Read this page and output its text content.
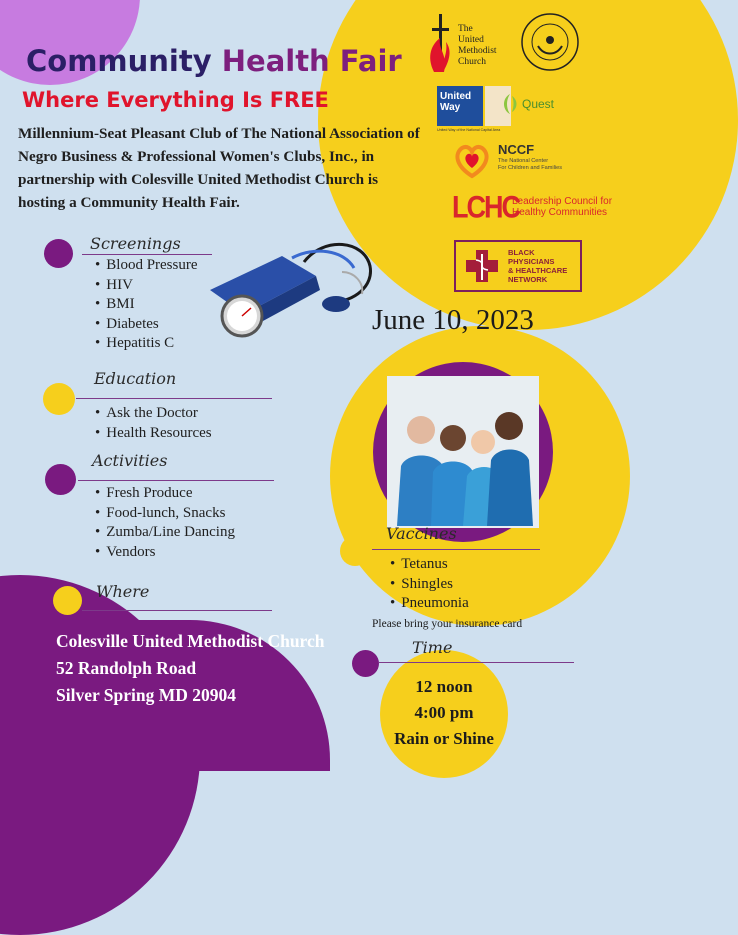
Community Health Fair
Where Everything Is FREE
Millennium-Seat Pleasant Club of The National Association of Negro Business & Professional Women's Clubs, Inc., in partnership with Colesville United Methodist Church is hosting a Community Health Fair.
The
United
Methodist
Church
United
Way
United Way of the National Capital Area
Quest
NCCF
The National Center
For Children and Families
LCHC
Leadership Council for
Healthy Communities
BLACK
PHYSICIANS
& HEALTHCARE
NETWORK
Screenings
• Blood Pressure
• HIV
• BMI
• Diabetes
• Hepatitis C
June 10, 2023
Education
• Ask the Doctor
• Health Resources
Activities
• Fresh Produce
• Food-lunch, Snacks
• Zumba/Line Dancing
• Vendors
Vaccines
• Tetanus
• Shingles
• Pneumonia
Please bring your insurance card
Where
Colesville United Methodist Church
52 Randolph Road
Silver Spring MD 20904
Time
12 noon
4:00 pm
Rain or Shine
